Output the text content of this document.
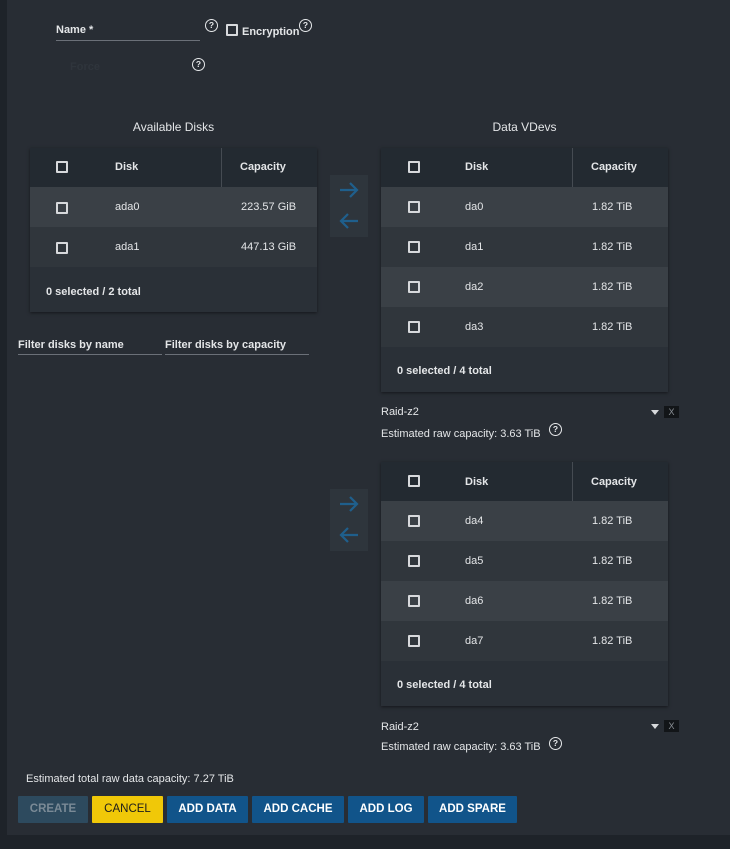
Name *	?
Encryption
?
Force	?
Available Disks
Disk	Capacity
ada0	223.57 GiB
ada1	447.13 GiB
0 selected / 2 total
Filter disks by name	Filter disks by capacity
Data VDevs
Disk	Capacity
da0	1.82 TiB
da1	1.82 TiB
da2	1.82 TiB
da3	1.82 TiB
0 selected / 4 total
Raid-z2	X
Estimated raw capacity: 3.63 TiB	?
Disk	Capacity
da4	1.82 TiB
da5	1.82 TiB
da6	1.82 TiB
da7	1.82 TiB
0 selected / 4 total
Raid-z2	X
Estimated raw capacity: 3.63 TiB	?
Estimated total raw data capacity: 7.27 TiB
CREATE	CANCEL	ADD DATA	ADD CACHE	ADD LOG	ADD SPARE
